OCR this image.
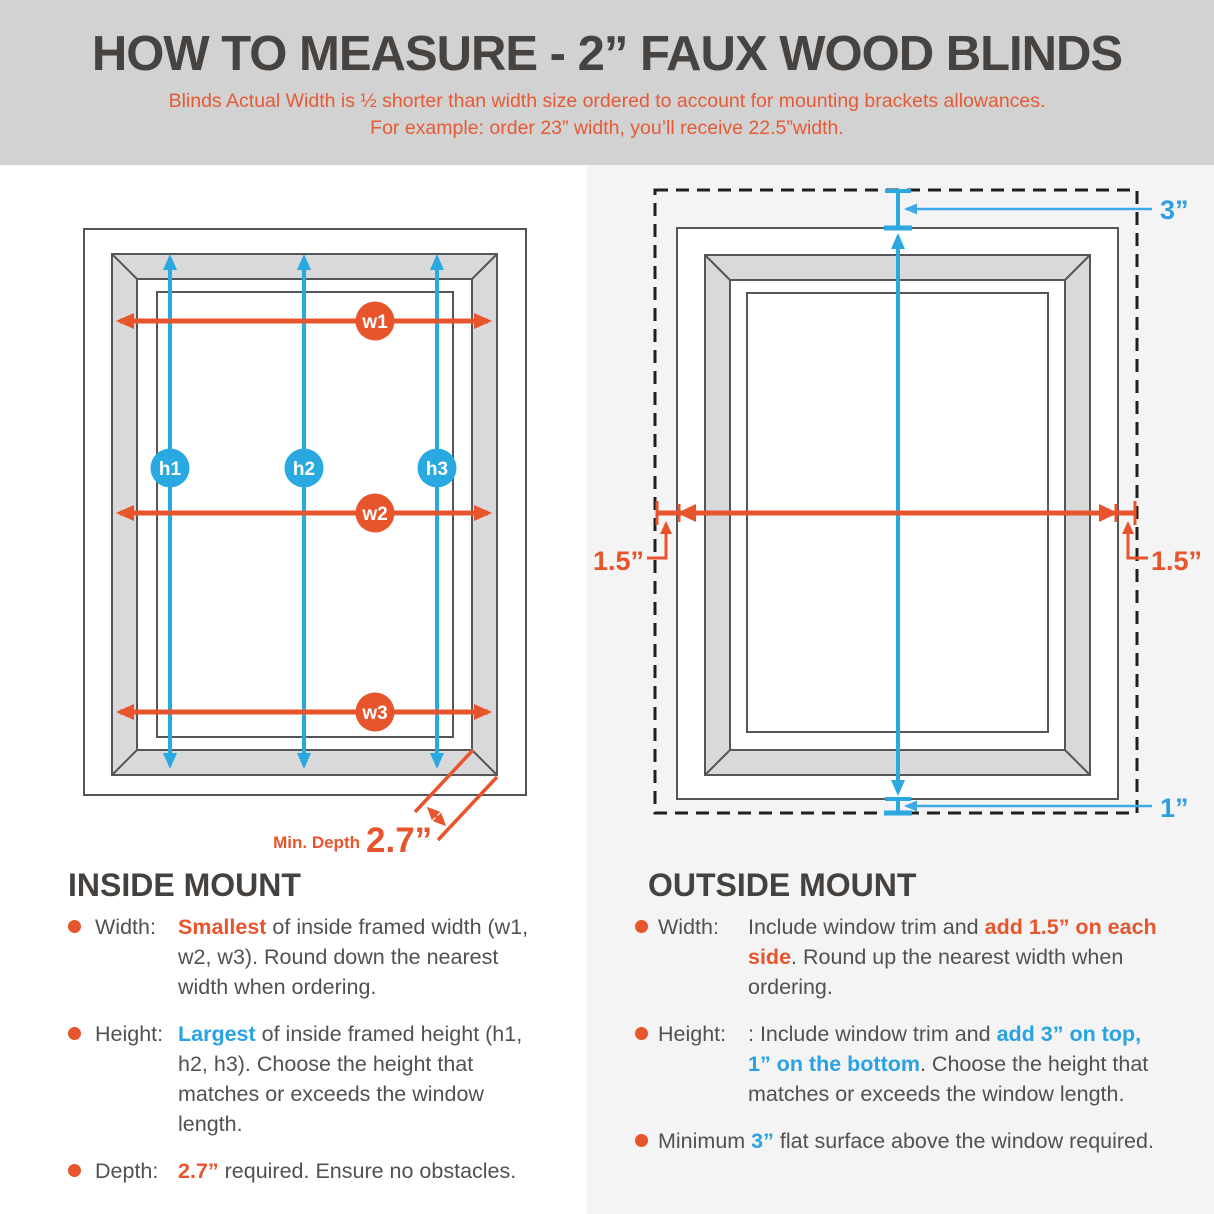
HOW TO MEASURE - 2” FAUX WOOD BLINDS

Blinds Actual Width is ½ shorter than width size ordered to account for mounting brackets allowances.

For example: order 23” width, you’ll receive 22.5”width.

w1
w2
w3
h1	h2	h3
Min. Depth 2.7”
3”
1”
1.5”	1.5”
INSIDE MOUNT
Width:	Smallest of inside framed width (w1, w2, w3). Round down the nearest width when ordering.
Height: Largest of inside framed height (h1, h2, h3). Choose the height that matches or exceeds the window length.
Depth: 2.7” required. Ensure no obstacles.
OUTSIDE MOUNT
Width:	Include window trim and add 1.5” on each side. Round up the nearest width when ordering.
Height:	: Include window trim and add 3” on top, 1” on the bottom. Choose the height that matches or exceeds the window length.
Minimum 3” flat surface above the window required.
